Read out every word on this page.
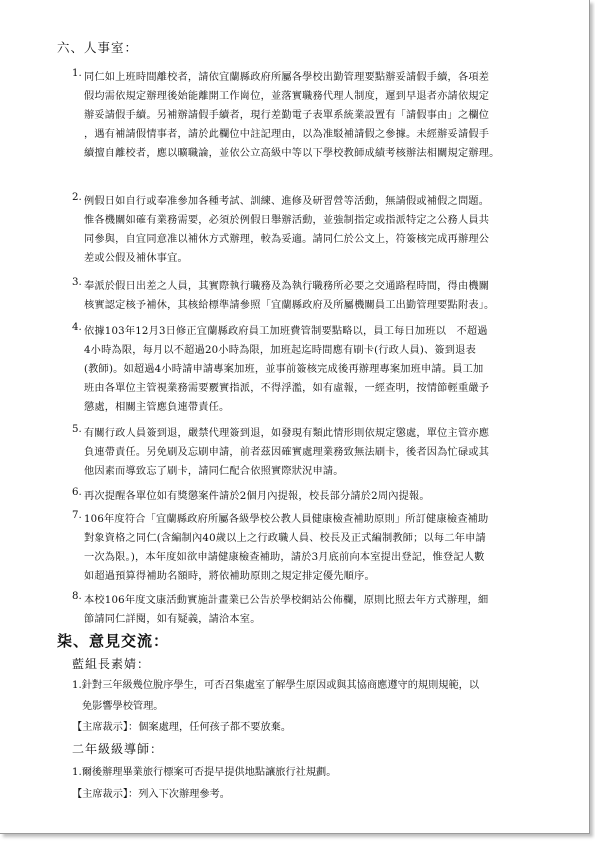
六、人事室：
1. 同仁如上班時間離校者，請依宜蘭縣政府所屬各學校出勤管理要點辦妥請假手續，各項差
假均需依規定辦理後始能離開工作崗位，並落實職務代理人制度，遲到早退者亦請依規定
辦妥請假手續。另補辦請假手續者，現行差勤電子表單系統業設置有「請假事由」之欄位
，遇有補請假情事者，請於此欄位中註記理由，以為准駁補請假之參據。未經辦妥請假手
續擅自離校者，應以曠職論，並依公立高級中等以下學校教師成績考核辦法相關規定辦理。
2. 例假日如自行或奉准參加各種考試、訓練、進修及研習營等活動，無請假或補假之問題。
惟各機關如確有業務需要，必須於例假日舉辦活動，並強制指定或指派特定之公務人員共
同參與，自宜同意准以補休方式辦理，較為妥適。請同仁於公文上，符簽核完成再辦理公
差或公假及補休事宜。
3. 奉派於假日出差之人員，其實際執行職務及為執行職務所必要之交通路程時間，得由機關
核實認定核予補休，其核給標準請參照「宜蘭縣政府及所屬機關員工出勤管理要點附表」。
4. 依據103年12月3日修正宜蘭縣政府員工加班費管制要點略以，員工每日加班以　不超過
4小時為限，每月以不超過20小時為限，加班起迄時間應有刷卡(行政人員)、簽到退表
(教師)。如超過4小時請申請專案加班，並事前簽核完成後再辦理專案加班申請。員工加
班由各單位主管視業務需要覈實指派，不得浮濫，如有虛報，一經查明，按情節輕重嚴予
懲處，相關主管應負連帶責任。
5. 有關行政人員簽到退，嚴禁代理簽到退，如發現有類此情形則依規定懲處，單位主管亦應
負連帶責任。另免刷及忘刷申請，前者茲因確實處理業務致無法刷卡，後者因為忙碌或其
他因素而導致忘了刷卡，請同仁配合依照實際狀況申請。
6. 再次提醒各單位如有獎懲案件請於2個月內提報，校長部分請於2周內提報。
7. 106年度符合「宜蘭縣政府所屬各級學校公教人員健康檢查補助原則」所訂健康檢查補助
對象資格之同仁(含編制內40歲以上之行政職人員、校長及正式編制教師；以每二年申請
一次為限。)，本年度如欲申請健康檢查補助，請於3月底前向本室提出登記，惟登記人數
如超過預算得補助名額時，將依補助原則之規定排定優先順序。
8. 本校106年度文康活動實施計畫業已公告於學校網站公佈欄，原則比照去年方式辦理，細
節請同仁詳閱，如有疑義，請洽本室。
柒、意見交流：
藍組長素婧：
1.針對三年級幾位脫序學生，可否召集處室了解學生原因或與其協商應遵守的規則規範，以
免影響學校管理。
【主席裁示】：個案處理，任何孩子都不要放棄。
二年級級導師：
1.爾後辦理畢業旅行標案可否提早提供地點讓旅行社規劃。
【主席裁示】：列入下次辦理參考。
